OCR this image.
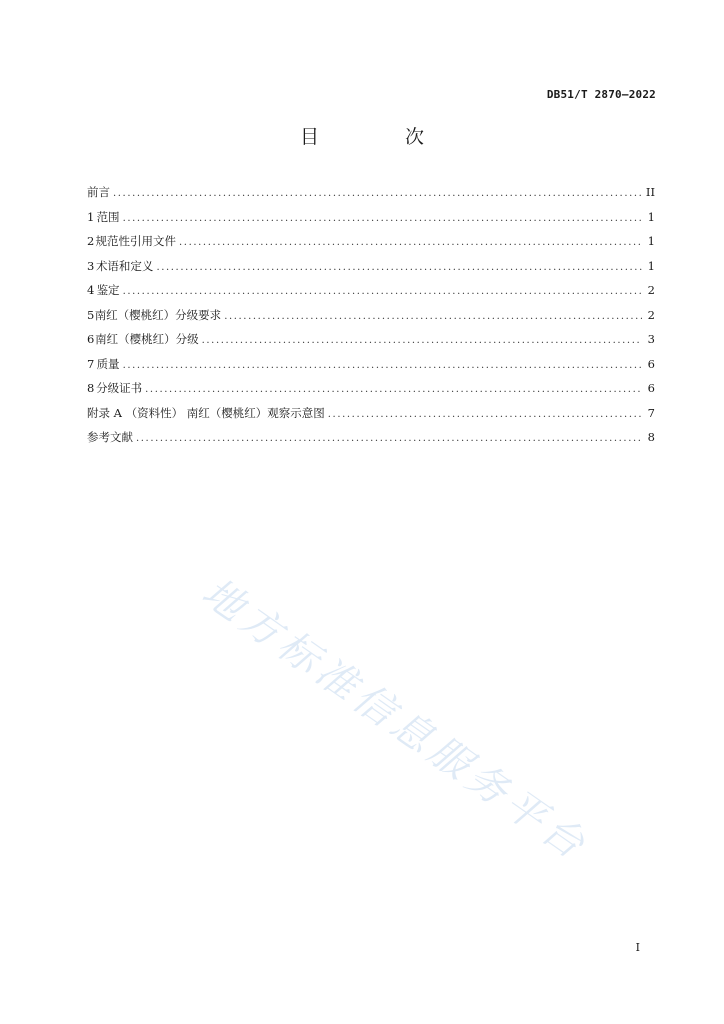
DB51/T 2870—2022
目 次
前言 .....	II
1 范围 .....	1
2 规范性引用文件 .....	1
3 术语和定义 .....	1
4 鉴定 .....	2
5 南红（樱桃红）分级要求 .....	2
6 南红（樱桃红）分级 .....	3
7 质量 .....	6
8 分级证书 .....	6
附录 A （资料性） 南红（樱桃红）观察示意图 .....	7
参考文献 .....	8
地方标准信息服务平台
I
